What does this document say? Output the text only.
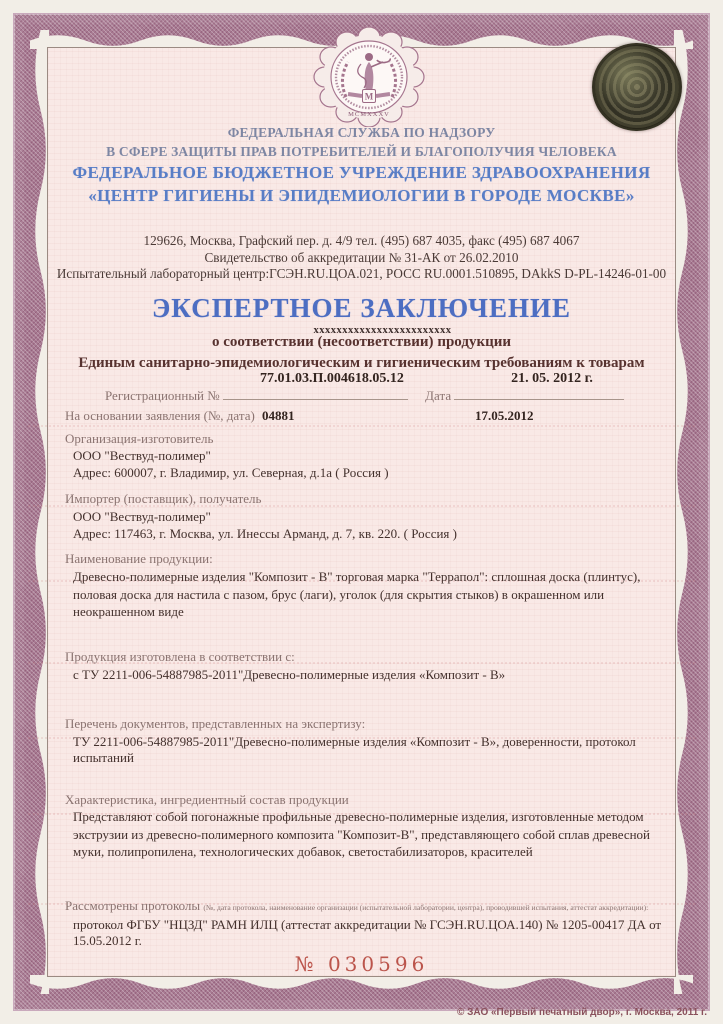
М
MCMXXXV
ФЕДЕРАЛЬНАЯ СЛУЖБА ПО НАДЗОРУ
В СФЕРЕ ЗАЩИТЫ ПРАВ ПОТРЕБИТЕЛЕЙ И БЛАГОПОЛУЧИЯ ЧЕЛОВЕКА
ФЕДЕРАЛЬНОЕ БЮДЖЕТНОЕ УЧРЕЖДЕНИЕ ЗДРАВООХРАНЕНИЯ
«ЦЕНТР ГИГИЕНЫ И ЭПИДЕМИОЛОГИИ В ГОРОДЕ МОСКВЕ»
129626, Москва, Графский пер. д. 4/9 тел. (495) 687 4035, факс (495) 687 4067
Свидетельство об аккредитации № 31-АК от 26.02.2010
Испытательный лабораторный центр:ГСЭН.RU.ЦОА.021, РОСС RU.0001.510895, DAkkS D-PL-14246-01-00
ЭКСПЕРТНОЕ ЗАКЛЮЧЕНИЕ
о соответствии (несоответствии)
хххххххххххххххххххххххх
продукции
Единым санитарно-эпидемиологическим и гигиеническим требованиям к товарам
77.01.03.П.004618.05.12	21. 05. 2012 г.
Регистрационный №	Дата
На основании заявления (№, дата) 04881	17.05.2012
Организация-изготовитель
ООО "Вествуд-полимер"
Адрес: 600007, г. Владимир, ул. Северная, д.1а ( Россия )
Импортер (поставщик), получатель
ООО "Вествуд-полимер"
Адрес: 117463, г. Москва, ул. Инессы Арманд, д. 7, кв. 220. ( Россия )
Наименование продукции:
Древесно-полимерные изделия "Композит - В" торговая марка "Террапол": сплошная доска (плинтус), половая доска для настила с пазом, брус (лаги), уголок (для скрытия стыков) в окрашенном или неокрашенном виде
Продукция изготовлена в соответствии с:
с ТУ 2211-006-54887985-2011"Древесно-полимерные изделия «Композит - В»
Перечень документов, представленных на экспертизу:
ТУ 2211-006-54887985-2011"Древесно-полимерные изделия «Композит - В», доверенности, протокол испытаний
Характеристика, ингредиентный состав продукции
Представляют собой погонажные профильные древесно-полимерные изделия, изготовленные методом экструзии из древесно-полимерного композита "Композит-В", представляющего собой сплав древесной муки, полипропилена, технологических добавок, светостабилизаторов, красителей
Рассмотрены протоколы (№, дата протокола, наименование организации (испытательной лаборатории, центра), проводившей испытания, аттестат аккредитации):
протокол ФГБУ "НЦЗД" РАМН ИЛЦ (аттестат аккредитации № ГСЭН.RU.ЦОА.140) № 1205-00417 ДА от 15.05.2012 г.
№ 030596
© ЗАО «Первый печатный двор», г. Москва, 2011 г.
